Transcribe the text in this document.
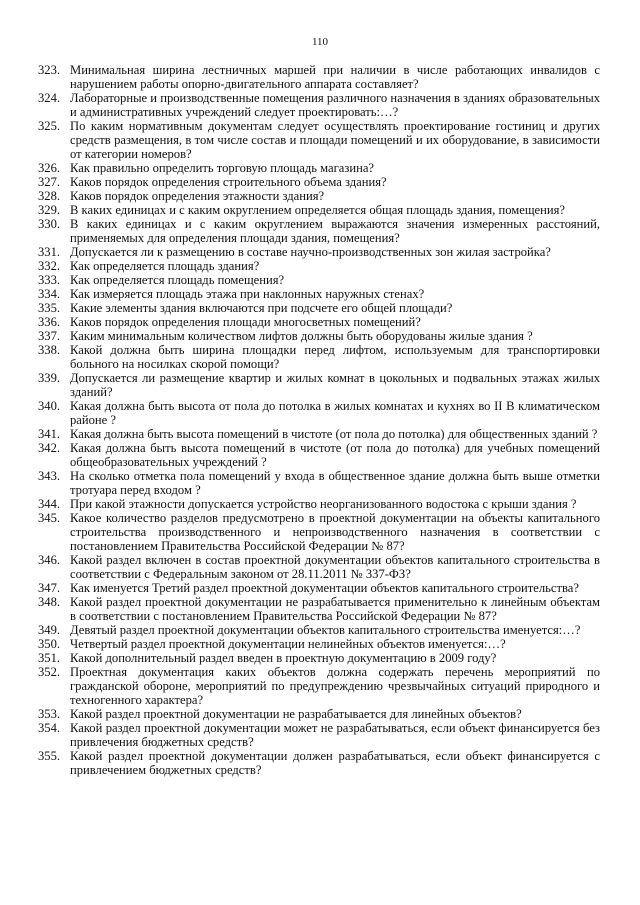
110
323. Минимальная ширина лестничных маршей при наличии в числе работающих инвалидов с нарушением работы опорно-двигательного аппарата составляет?
324. Лабораторные и производственные помещения различного назначения в зданиях образовательных и административных учреждений следует проектировать:…?
325. По каким нормативным документам следует осуществлять проектирование гостиниц и других средств размещения, в том числе состав и площади помещений и их оборудование, в зависимости от категории номеров?
326. Как правильно определить торговую площадь магазина?
327. Каков порядок определения строительного объема здания?
328. Каков порядок определения этажности здания?
329. В каких единицах и с каким округлением определяется общая площадь здания, помещения?
330. В каких единицах и с каким округлением выражаются значения измеренных расстояний, применяемых для определения площади здания, помещения?
331. Допускается ли к размещению в составе научно-производственных зон жилая застройка?
332. Как определяется площадь здания?
333. Как определяется площадь помещения?
334. Как измеряется площадь этажа при наклонных наружных стенах?
335. Какие элементы здания включаются при подсчете его общей площади?
336. Каков порядок определения площади многосветных помещений?
337. Каким минимальным количеством лифтов должны быть оборудованы жилые здания ?
338. Какой должна быть ширина площадки перед лифтом, используемым для транспортировки больного на носилках скорой помощи?
339. Допускается ли размещение квартир и жилых комнат в цокольных и подвальных этажах жилых зданий?
340. Какая должна быть высота от пола до потолка в жилых комнатах и кухнях во II В климатическом районе ?
341. Какая должна быть высота помещений в чистоте (от пола до потолка) для общественных зданий ?
342. Какая должна быть высота помещений в чистоте (от пола до потолка) для учебных помещений общеобразовательных учреждений ?
343. На сколько отметка пола помещений у входа в общественное здание должна быть выше отметки тротуара перед входом ?
344. При какой этажности допускается устройство неорганизованного водостока с крыши здания ?
345. Какое количество разделов предусмотрено в проектной документации на объекты капитального строительства производственного и непроизводственного назначения в соответствии с постановлением Правительства Российской Федерации № 87?
346. Какой раздел включен в состав проектной документации объектов капитального строительства в соответствии с Федеральным законом от 28.11.2011 № 337-ФЗ?
347. Как именуется Третий раздел проектной документации объектов капитального строительства?
348. Какой раздел проектной документации не разрабатывается применительно к линейным объектам в соответствии с постановлением Правительства Российской Федерации № 87?
349. Девятый раздел проектной документации объектов капитального строительства именуется:…?
350. Четвертый раздел проектной документации нелинейных объектов именуется:…?
351. Какой дополнительный раздел введен в проектную документацию в 2009 году?
352. Проектная документация каких объектов должна содержать перечень мероприятий по гражданской обороне, мероприятий по предупреждению чрезвычайных ситуаций природного и техногенного характера?
353. Какой раздел проектной документации не разрабатывается для линейных объектов?
354. Какой раздел проектной документации может не разрабатываться, если объект финансируется без привлечения бюджетных средств?
355. Какой раздел проектной документации должен разрабатываться, если объект финансируется с привлечением бюджетных средств?
